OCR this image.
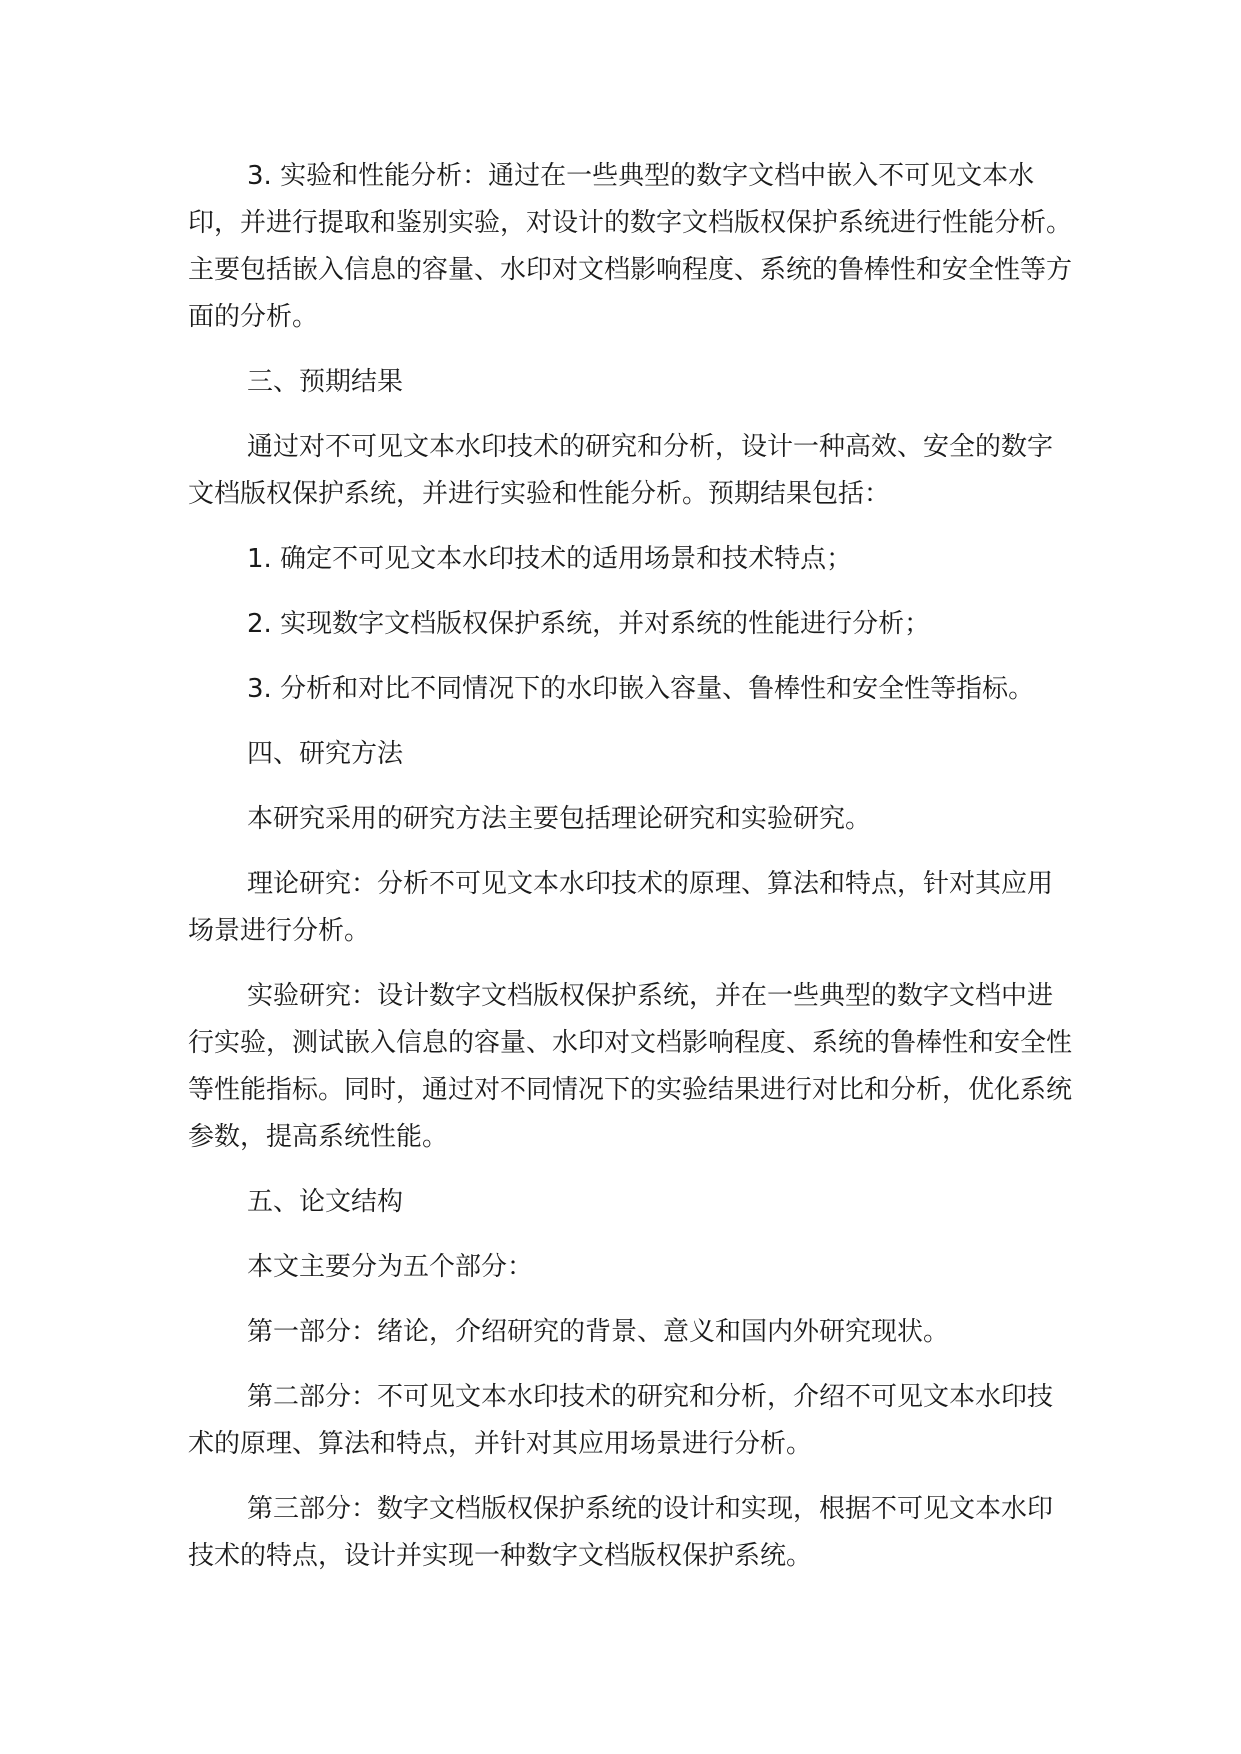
3. 实验和性能分析：通过在一些典型的数字文档中嵌入不可见文本水印，并进行提取和鉴别实验，对设计的数字文档版权保护系统进行性能分析。主要包括嵌入信息的容量、水印对文档影响程度、系统的鲁棒性和安全性等方面的分析。

三、预期结果

通过对不可见文本水印技术的研究和分析，设计一种高效、安全的数字文档版权保护系统，并进行实验和性能分析。预期结果包括：

1. 确定不可见文本水印技术的适用场景和技术特点；

2. 实现数字文档版权保护系统，并对系统的性能进行分析；

3. 分析和对比不同情况下的水印嵌入容量、鲁棒性和安全性等指标。

四、研究方法

本研究采用的研究方法主要包括理论研究和实验研究。

理论研究：分析不可见文本水印技术的原理、算法和特点，针对其应用场景进行分析。

实验研究：设计数字文档版权保护系统，并在一些典型的数字文档中进行实验，测试嵌入信息的容量、水印对文档影响程度、系统的鲁棒性和安全性等性能指标。同时，通过对不同情况下的实验结果进行对比和分析，优化系统参数，提高系统性能。

五、论文结构

本文主要分为五个部分：

第一部分：绪论，介绍研究的背景、意义和国内外研究现状。

第二部分：不可见文本水印技术的研究和分析，介绍不可见文本水印技术的原理、算法和特点，并针对其应用场景进行分析。

第三部分：数字文档版权保护系统的设计和实现，根据不可见文本水印技术的特点，设计并实现一种数字文档版权保护系统。
